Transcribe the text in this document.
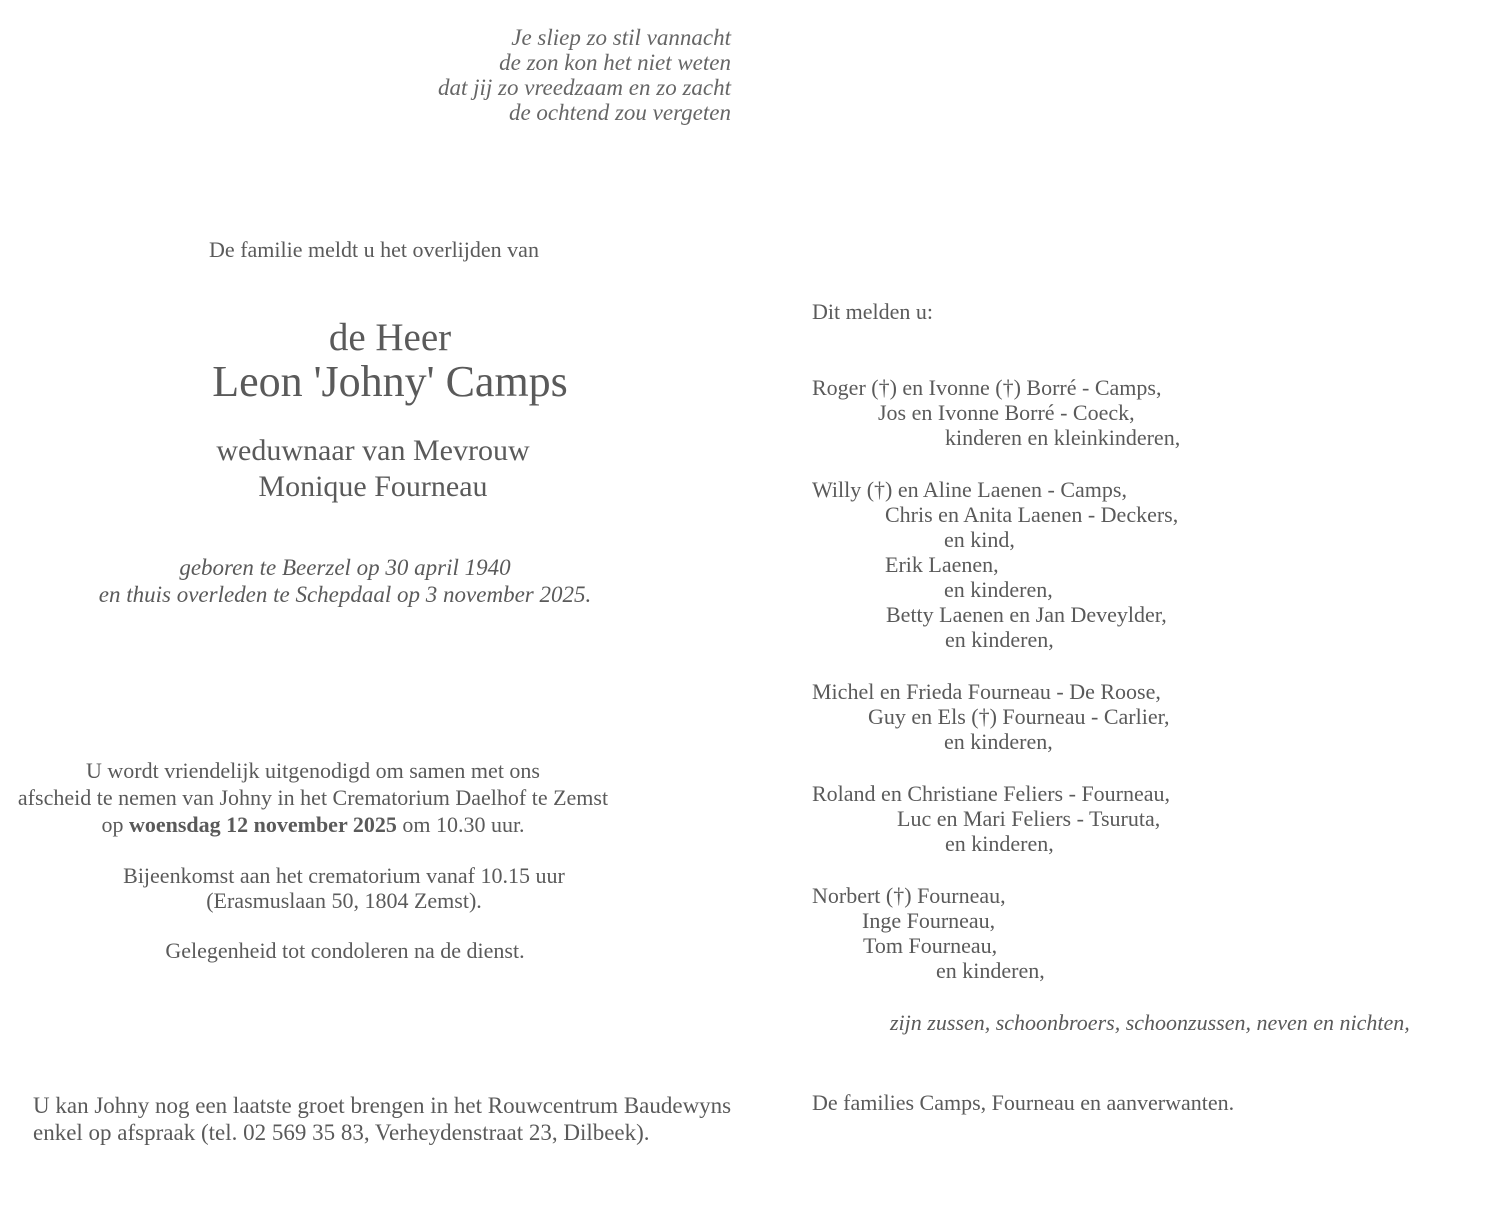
Je sliep zo stil vannacht
de zon kon het niet weten
dat jij zo vreedzaam en zo zacht
de ochtend zou vergeten
De familie meldt u het overlijden van
de Heer
Leon 'Johny' Camps
weduwnaar van Mevrouw
Monique Fourneau
geboren te Beerzel op 30 april 1940
en thuis overleden te Schepdaal op 3 november 2025.
U wordt vriendelijk uitgenodigd om samen met ons
afscheid te nemen van Johny in het Crematorium Daelhof te Zemst
op woensdag 12 november 2025 om 10.30 uur.
Bijeenkomst aan het crematorium vanaf 10.15 uur
(Erasmuslaan 50, 1804 Zemst).
Gelegenheid tot condoleren na de dienst.
U kan Johny nog een laatste groet brengen in het Rouwcentrum Baudewyns
enkel op afspraak (tel. 02 569 35 83, Verheydenstraat 23, Dilbeek).
Dit melden u:
Roger (†) en Ivonne (†) Borré - Camps,
Jos en Ivonne Borré - Coeck,
kinderen en kleinkinderen,
Willy (†) en Aline Laenen - Camps,
Chris en Anita Laenen - Deckers,
en kind,
Erik Laenen,
en kinderen,
Betty Laenen en Jan Deveylder,
en kinderen,
Michel en Frieda Fourneau - De Roose,
Guy en Els (†) Fourneau - Carlier,
en kinderen,
Roland en Christiane Feliers - Fourneau,
Luc en Mari Feliers - Tsuruta,
en kinderen,
Norbert (†) Fourneau,
Inge Fourneau,
Tom Fourneau,
en kinderen,
zijn zussen, schoonbroers, schoonzussen, neven en nichten,
De families Camps, Fourneau en aanverwanten.
